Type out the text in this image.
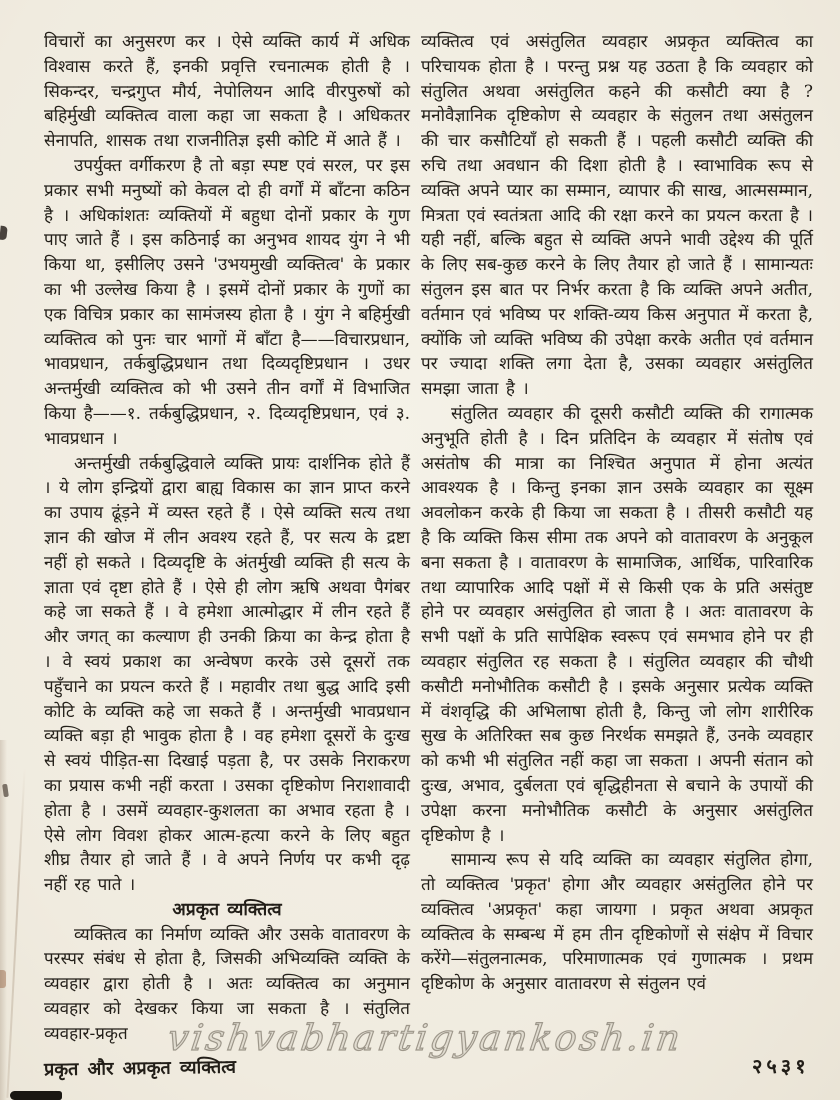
विचारों का अनुसरण कर । ऐसे व्यक्ति कार्य में अधिक विश्वास करते हैं, इनकी प्रवृत्ति रचनात्मक होती है । सिकन्दर, चन्द्रगुप्त मौर्य, नेपोलियन आदि वीरपुरुषों को बहिर्मुखी व्यक्तित्व वाला कहा जा सकता है । अधिकतर सेनापति, शासक तथा राजनीतिज्ञ इसी कोटि में आते हैं ।

उपर्युक्त वर्गीकरण है तो बड़ा स्पष्ट एवं सरल, पर इस प्रकार सभी मनुष्यों को केवल दो ही वर्गों में बाँटना कठिन है । अधिकांशतः व्यक्तियों में बहुधा दोनों प्रकार के गुण पाए जाते हैं । इस कठिनाई का अनुभव शायद युंग ने भी किया था, इसीलिए उसने 'उभयमुखी व्यक्तित्व' के प्रकार का भी उल्लेख किया है । इसमें दोनों प्रकार के गुणों का एक विचित्र प्रकार का सामंजस्य होता है । युंग ने बहिर्मुखी व्यक्तित्व को पुनः चार भागों में बाँटा है——विचारप्रधान, भावप्रधान, तर्कबुद्धिप्रधान तथा दिव्यदृष्टिप्रधान । उधर अन्तर्मुखी व्यक्तित्व को भी उसने तीन वर्गों में विभाजित किया है——१. तर्कबुद्धिप्रधान, २. दिव्यदृष्टिप्रधान, एवं ३. भावप्रधान ।

अन्तर्मुखी तर्कबुद्धिवाले व्यक्ति प्रायः दार्शनिक होते हैं । ये लोग इन्द्रियों द्वारा बाह्य विकास का ज्ञान प्राप्त करने का उपाय ढूंड़ने में व्यस्त रहते हैं । ऐसे व्यक्ति सत्य तथा ज्ञान की खोज में लीन अवश्य रहते हैं, पर सत्य के द्रष्टा नहीं हो सकते । दिव्यदृष्टि के अंतर्मुखी व्यक्ति ही सत्य के ज्ञाता एवं दृष्टा होते हैं । ऐसे ही लोग ऋषि अथवा पैगंबर कहे जा सकते हैं । वे हमेशा आत्मोद्धार में लीन रहते हैं और जगत् का कल्याण ही उनकी क्रिया का केन्द्र होता है । वे स्वयं प्रकाश का अन्वेषण करके उसे दूसरों तक पहुँचाने का प्रयत्न करते हैं । महावीर तथा बुद्ध आदि इसी कोटि के व्यक्ति कहे जा सकते हैं । अन्तर्मुखी भावप्रधान व्यक्ति बड़ा ही भावुक होता है । वह हमेशा दूसरों के दुःख से स्वयं पीड़ित-सा दिखाई पड़ता है, पर उसके निराकरण का प्रयास कभी नहीं करता । उसका दृष्टिकोण निराशावादी होता है । उसमें व्यवहार-कुशलता का अभाव रहता है । ऐसे लोग विवश होकर आत्म-हत्या करने के लिए बहुत शीघ्र तैयार हो जाते हैं । वे अपने निर्णय पर कभी दृढ़ नहीं रह पाते ।

अप्रकृत व्यक्तित्व

व्यक्तित्व का निर्माण व्यक्ति और उसके वातावरण के परस्पर संबंध से होता है, जिसकी अभिव्यक्ति व्यक्ति के व्यवहार द्वारा होती है । अतः व्यक्तित्व का अनुमान व्यवहार को देखकर किया जा सकता है । संतुलित व्यवहार-प्रकृत

व्यक्तित्व एवं असंतुलित व्यवहार अप्रकृत व्यक्तित्व का परिचायक होता है । परन्तु प्रश्न यह उठता है कि व्यवहार को संतुलित अथवा असंतुलित कहने की कसौटी क्या है ? मनोवैज्ञानिक दृष्टिकोण से व्यवहार के संतुलन तथा असंतुलन की चार कसौटियाँ हो सकती हैं । पहली कसौटी व्यक्ति की रुचि तथा अवधान की दिशा होती है । स्वाभाविक रूप से व्यक्ति अपने प्यार का सम्मान, व्यापार की साख, आत्मसम्मान, मित्रता एवं स्वतंत्रता आदि की रक्षा करने का प्रयत्न करता है । यही नहीं, बल्कि बहुत से व्यक्ति अपने भावी उद्देश्य की पूर्ति के लिए सब-कुछ करने के लिए तैयार हो जाते हैं । सामान्यतः संतुलन इस बात पर निर्भर करता है कि व्यक्ति अपने अतीत, वर्तमान एवं भविष्य पर शक्ति-व्यय किस अनुपात में करता है, क्योंकि जो व्यक्ति भविष्य की उपेक्षा करके अतीत एवं वर्तमान पर ज्यादा शक्ति लगा देता है, उसका व्यवहार असंतुलित समझा जाता है ।

संतुलित व्यवहार की दूसरी कसौटी व्यक्ति की रागात्मक अनुभूति होती है । दिन प्रतिदिन के व्यवहार में संतोष एवं असंतोष की मात्रा का निश्चित अनुपात में होना अत्यंत आवश्यक है । किन्तु इनका ज्ञान उसके व्यवहार का सूक्ष्म अवलोकन करके ही किया जा सकता है । तीसरी कसौटी यह है कि व्यक्ति किस सीमा तक अपने को वातावरण के अनुकूल बना सकता है । वातावरण के सामाजिक, आर्थिक, पारिवारिक तथा व्यापारिक आदि पक्षों में से किसी एक के प्रति असंतुष्ट होने पर व्यवहार असंतुलित हो जाता है । अतः वातावरण के सभी पक्षों के प्रति सापेक्षिक स्वरूप एवं समभाव होने पर ही व्यवहार संतुलित रह सकता है । संतुलित व्यवहार की चौथी कसौटी मनोभौतिक कसौटी है । इसके अनुसार प्रत्येक व्यक्ति में वंशवृद्धि की अभिलाषा होती है, किन्तु जो लोग शारीरिक सुख के अतिरिक्त सब कुछ निरर्थक समझते हैं, उनके व्यवहार को कभी भी संतुलित नहीं कहा जा सकता । अपनी संतान को दुःख, अभाव, दुर्बलता एवं बृद्धिहीनता से बचाने के उपायों की उपेक्षा करना मनोभौतिक कसौटी के अनुसार असंतुलित दृष्टिकोण है ।

सामान्य रूप से यदि व्यक्ति का व्यवहार संतुलित होगा, तो व्यक्तित्व 'प्रकृत' होगा और व्यवहार असंतुलित होने पर व्यक्तित्व 'अप्रकृत' कहा जायगा । प्रकृत अथवा अप्रकृत व्यक्तित्व के सम्बन्ध में हम तीन दृष्टिकोणों से संक्षेप में विचार करेंगे—संतुलनात्मक, परिमाणात्मक एवं गुणात्मक । प्रथम दृष्टिकोण के अनुसार वातावरण से संतुलन एवं

vishvabhartigyankosh.in
प्रकृत और अप्रकृत व्यक्तित्व	२५३१
